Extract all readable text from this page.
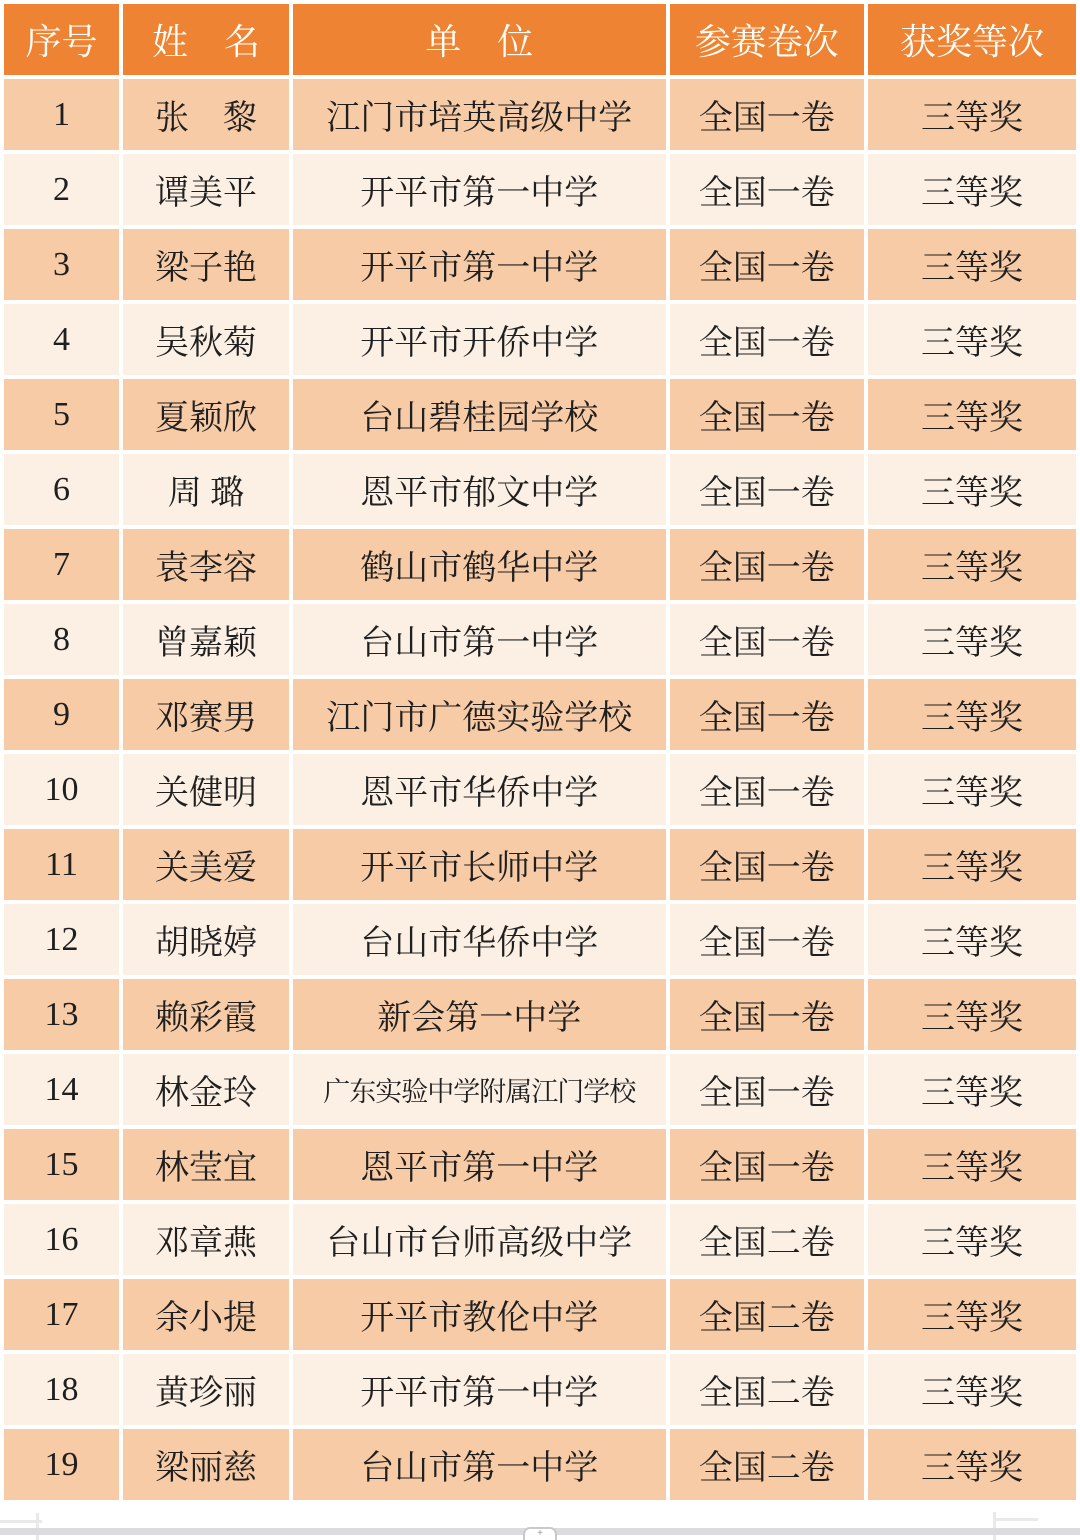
序号	姓　名	单　位	参赛卷次	获奖等次
1	张　黎	江门市培英高级中学	全国一卷	三等奖
2	谭美平	开平市第一中学	全国一卷	三等奖
3	梁子艳	开平市第一中学	全国一卷	三等奖
4	吴秋菊	开平市开侨中学	全国一卷	三等奖
5	夏颖欣	台山碧桂园学校	全国一卷	三等奖
6	周 璐	恩平市郁文中学	全国一卷	三等奖
7	袁李容	鹤山市鹤华中学	全国一卷	三等奖
8	曾嘉颖	台山市第一中学	全国一卷	三等奖
9	邓赛男	江门市广德实验学校	全国一卷	三等奖
10	关健明	恩平市华侨中学	全国一卷	三等奖
11	关美爱	开平市长师中学	全国一卷	三等奖
12	胡晓婷	台山市华侨中学	全国一卷	三等奖
13	赖彩霞	新会第一中学	全国一卷	三等奖
14	林金玲	广东实验中学附属江门学校	全国一卷	三等奖
15	林莹宜	恩平市第一中学	全国一卷	三等奖
16	邓章燕	台山市台师高级中学	全国二卷	三等奖
17	余小提	开平市教伦中学	全国二卷	三等奖
18	黄珍丽	开平市第一中学	全国二卷	三等奖
19	梁丽慈	台山市第一中学	全国二卷	三等奖
+
